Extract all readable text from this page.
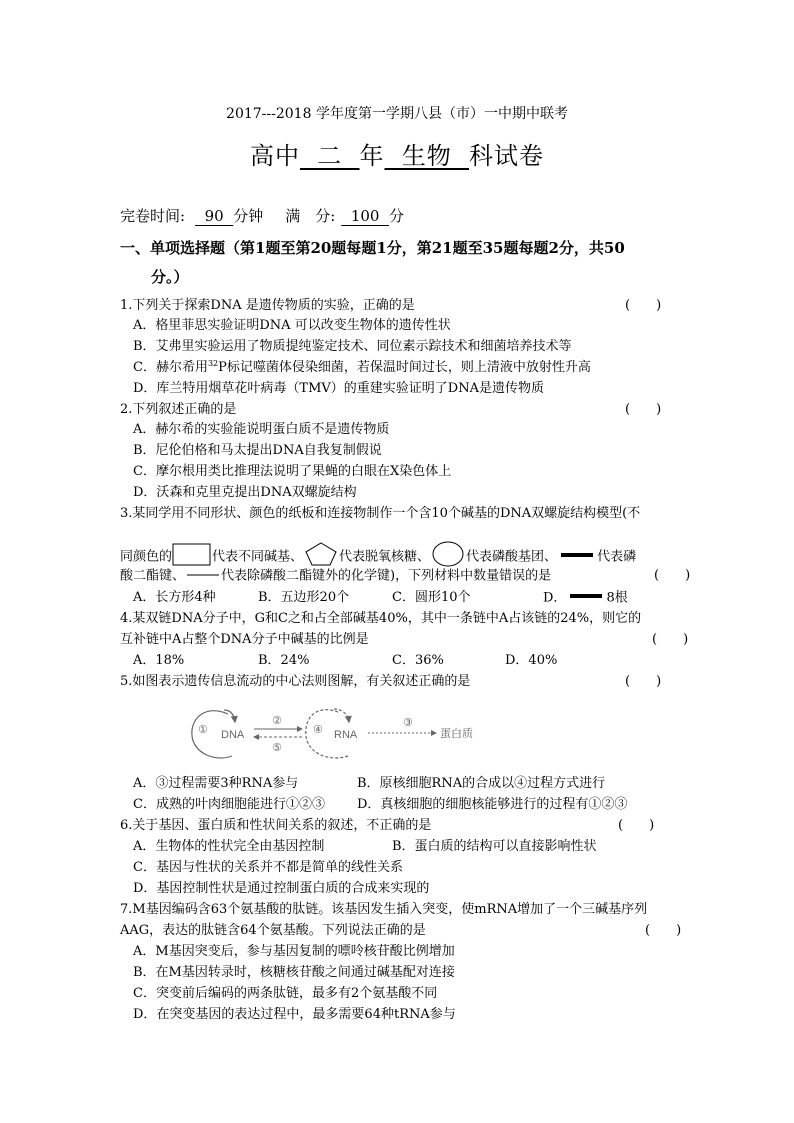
2017---2018 学年度第一学期八县（市）一中期中联考
高中  二  年  生物  科试卷
完卷时间:  90  分钟 满　分:  100  分
一、单项选择题（第1题至第20题每题1分，第21题至35题每题2分，共50
分。）
1.下列关于探索DNA 是遗传物质的实验，正确的是	(　　)
A．格里菲思实验证明DNA 可以改变生物体的遗传性状
B．艾弗里实验运用了物质提纯鉴定技术、同位素示踪技术和细菌培养技术等
C．赫尔希用$^{32}$P标记噬菌体侵染细菌，若保温时间过长，则上清液中放射性升高
D．库兰特用烟草花叶病毒（TMV）的重建实验证明了DNA是遗传物质
2.下列叙述正确的是	(　　)
A．赫尔希的实验能说明蛋白质不是遗传物质
B．尼伦伯格和马太提出DNA自我复制假说
C．摩尔根用类比推理法说明了果蝇的白眼在X染色体上
D．沃森和克里克提出DNA双螺旋结构
3.某同学用不同形状、颜色的纸板和连接物制作一个含10个碱基的DNA双螺旋结构模型(不
同颜色的	代表不同碱基、	代表脱氧核糖、	代表磷酸基团、	代表磷
酸二酯键、	代表除磷酸二酯键外的化学键)，下列材料中数量错误的是	(　　)
A．长方形4种	B．五边形20个	C．圆形10个	D．	8根
4.某双链DNA分子中，G和C之和占全部碱基40%，其中一条链中A占该链的24%，则它的
互补链中A占整个DNA分子中碱基的比例是	(　　)
A．18%	B．24%	C．36%	D．40%
5.如图表示遗传信息流动的中心法则图解，有关叙述正确的是	(　　)
① DNA
②
⑤
④ RNA
③
蛋白质
A．③过程需要3种RNA参与	B．原核细胞RNA的合成以④过程方式进行
C．成熟的叶肉细胞能进行①②③ D．真核细胞的细胞核能够进行的过程有①②③
6.关于基因、蛋白质和性状间关系的叙述，不正确的是	(　　)
A．生物体的性状完全由基因控制	B．蛋白质的结构可以直接影响性状
C．基因与性状的关系并不都是简单的线性关系
D．基因控制性状是通过控制蛋白质的合成来实现的
7.M基因编码含63个氨基酸的肽链。该基因发生插入突变，使mRNA增加了一个三碱基序列
AAG，表达的肽链含64个氨基酸。下列说法正确的是	(　　)
A．M基因突变后，参与基因复制的嘌呤核苷酸比例增加
B．在M基因转录时，核糖核苷酸之间通过碱基配对连接
C．突变前后编码的两条肽链，最多有2个氨基酸不同
D．在突变基因的表达过程中，最多需要64种tRNA参与
